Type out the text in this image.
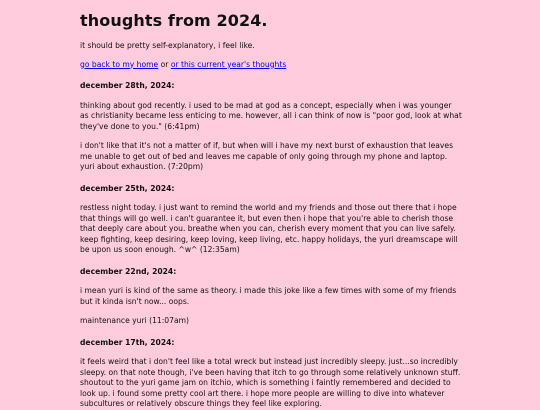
thoughts from 2024.

it should be pretty self-explanatory, i feel like.

go back to my home or or this current year's thoughts

december 28th, 2024:

thinking about god recently. i used to be mad at god as a concept, especially when i was younger as christianity became less enticing to me. however, all i can think of now is "poor god, look at what they've done to you." (6:41pm)

i don't like that it's not a matter of if, but when will i have my next burst of exhaustion that leaves me unable to get out of bed and leaves me capable of only going through my phone and laptop. yuri about exhaustion. (7:20pm)

december 25th, 2024:

restless night today. i just want to remind the world and my friends and those out there that i hope that things will go well. i can't guarantee it, but even then i hope that you're able to cherish those that deeply care about you. breathe when you can, cherish every moment that you can live safely. keep fighting, keep desiring, keep loving, keep living, etc. happy holidays, the yuri dreamscape will be upon us soon enough. ^w^ (12:35am)

december 22nd, 2024:

i mean yuri is kind of the same as theory. i made this joke like a few times with some of my friends but it kinda isn't now... oops.

maintenance yuri (11:07am)

december 17th, 2024:

it feels weird that i don't feel like a total wreck but instead just incredibly sleepy. just...so incredibly sleepy. on that note though, i've been having that itch to go through some relatively unknown stuff. shoutout to the yuri game jam on itchio, which is something i faintly remembered and decided to look up. i found some pretty cool art there. i hope more people are willing to dive into whatever subcultures or relatively obscure things they feel like exploring.
